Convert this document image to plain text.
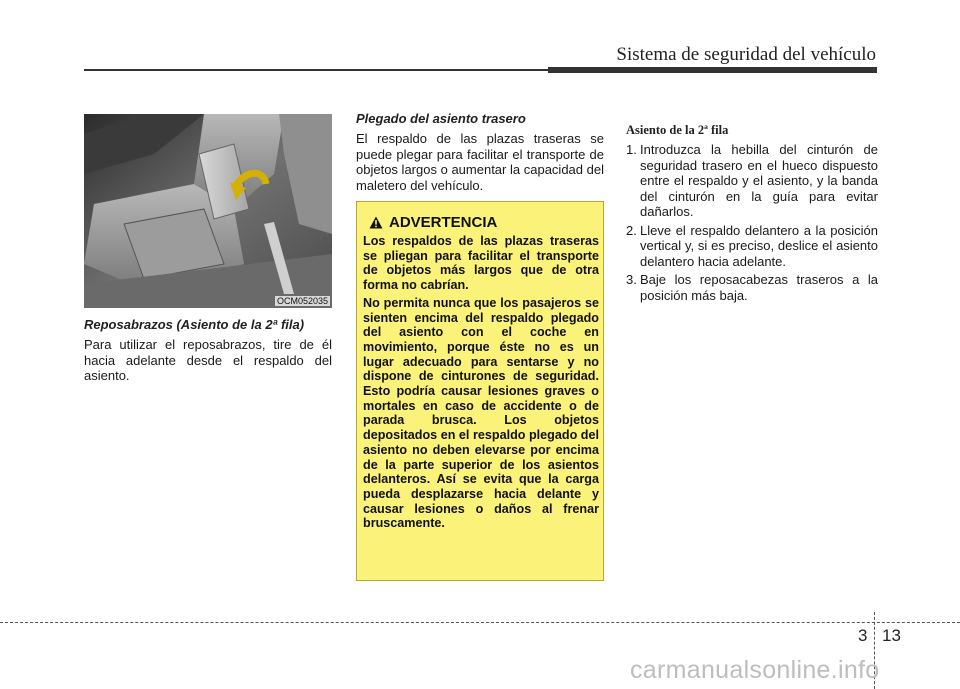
Sistema de seguridad del vehículo
OCM052035
Reposabrazos (Asiento de la 2ª fila)
Para utilizar el reposabrazos, tire de él hacia adelante desde el respaldo del asiento.
Plegado del asiento trasero
El respaldo de las plazas traseras se puede plegar para facilitar el transporte de objetos largos o aumentar la capacidad del maletero del vehículo.
ADVERTENCIA

Los respaldos de las plazas traseras se pliegan para facilitar el transporte de objetos más largos que de otra forma no cabrían.

No permita nunca que los pasajeros se sienten encima del respaldo plegado del asiento con el coche en movimiento, porque éste no es un lugar adecuado para sentarse y no dispone de cinturones de seguridad. Esto podría causar lesiones graves o mortales en caso de accidente o de parada brusca. Los objetos depositados en el respaldo plegado del asiento no deben elevarse por encima de la parte superior de los asientos delanteros. Así se evita que la carga pueda desplazarse hacia delante y causar lesiones o daños al frenar bruscamente.

Asiento de la 2ª fila
1. Introduzca la hebilla del cinturón de seguridad trasero en el hueco dispuesto entre el respaldo y el asiento, y la banda del cinturón en la guía para evitar dañarlos.
2. Lleve el respaldo delantero a la posición vertical y, si es preciso, deslice el asiento delantero hacia adelante.
3. Baje los reposacabezas traseros a la posición más baja.
3 13
carmanualsonline.info
